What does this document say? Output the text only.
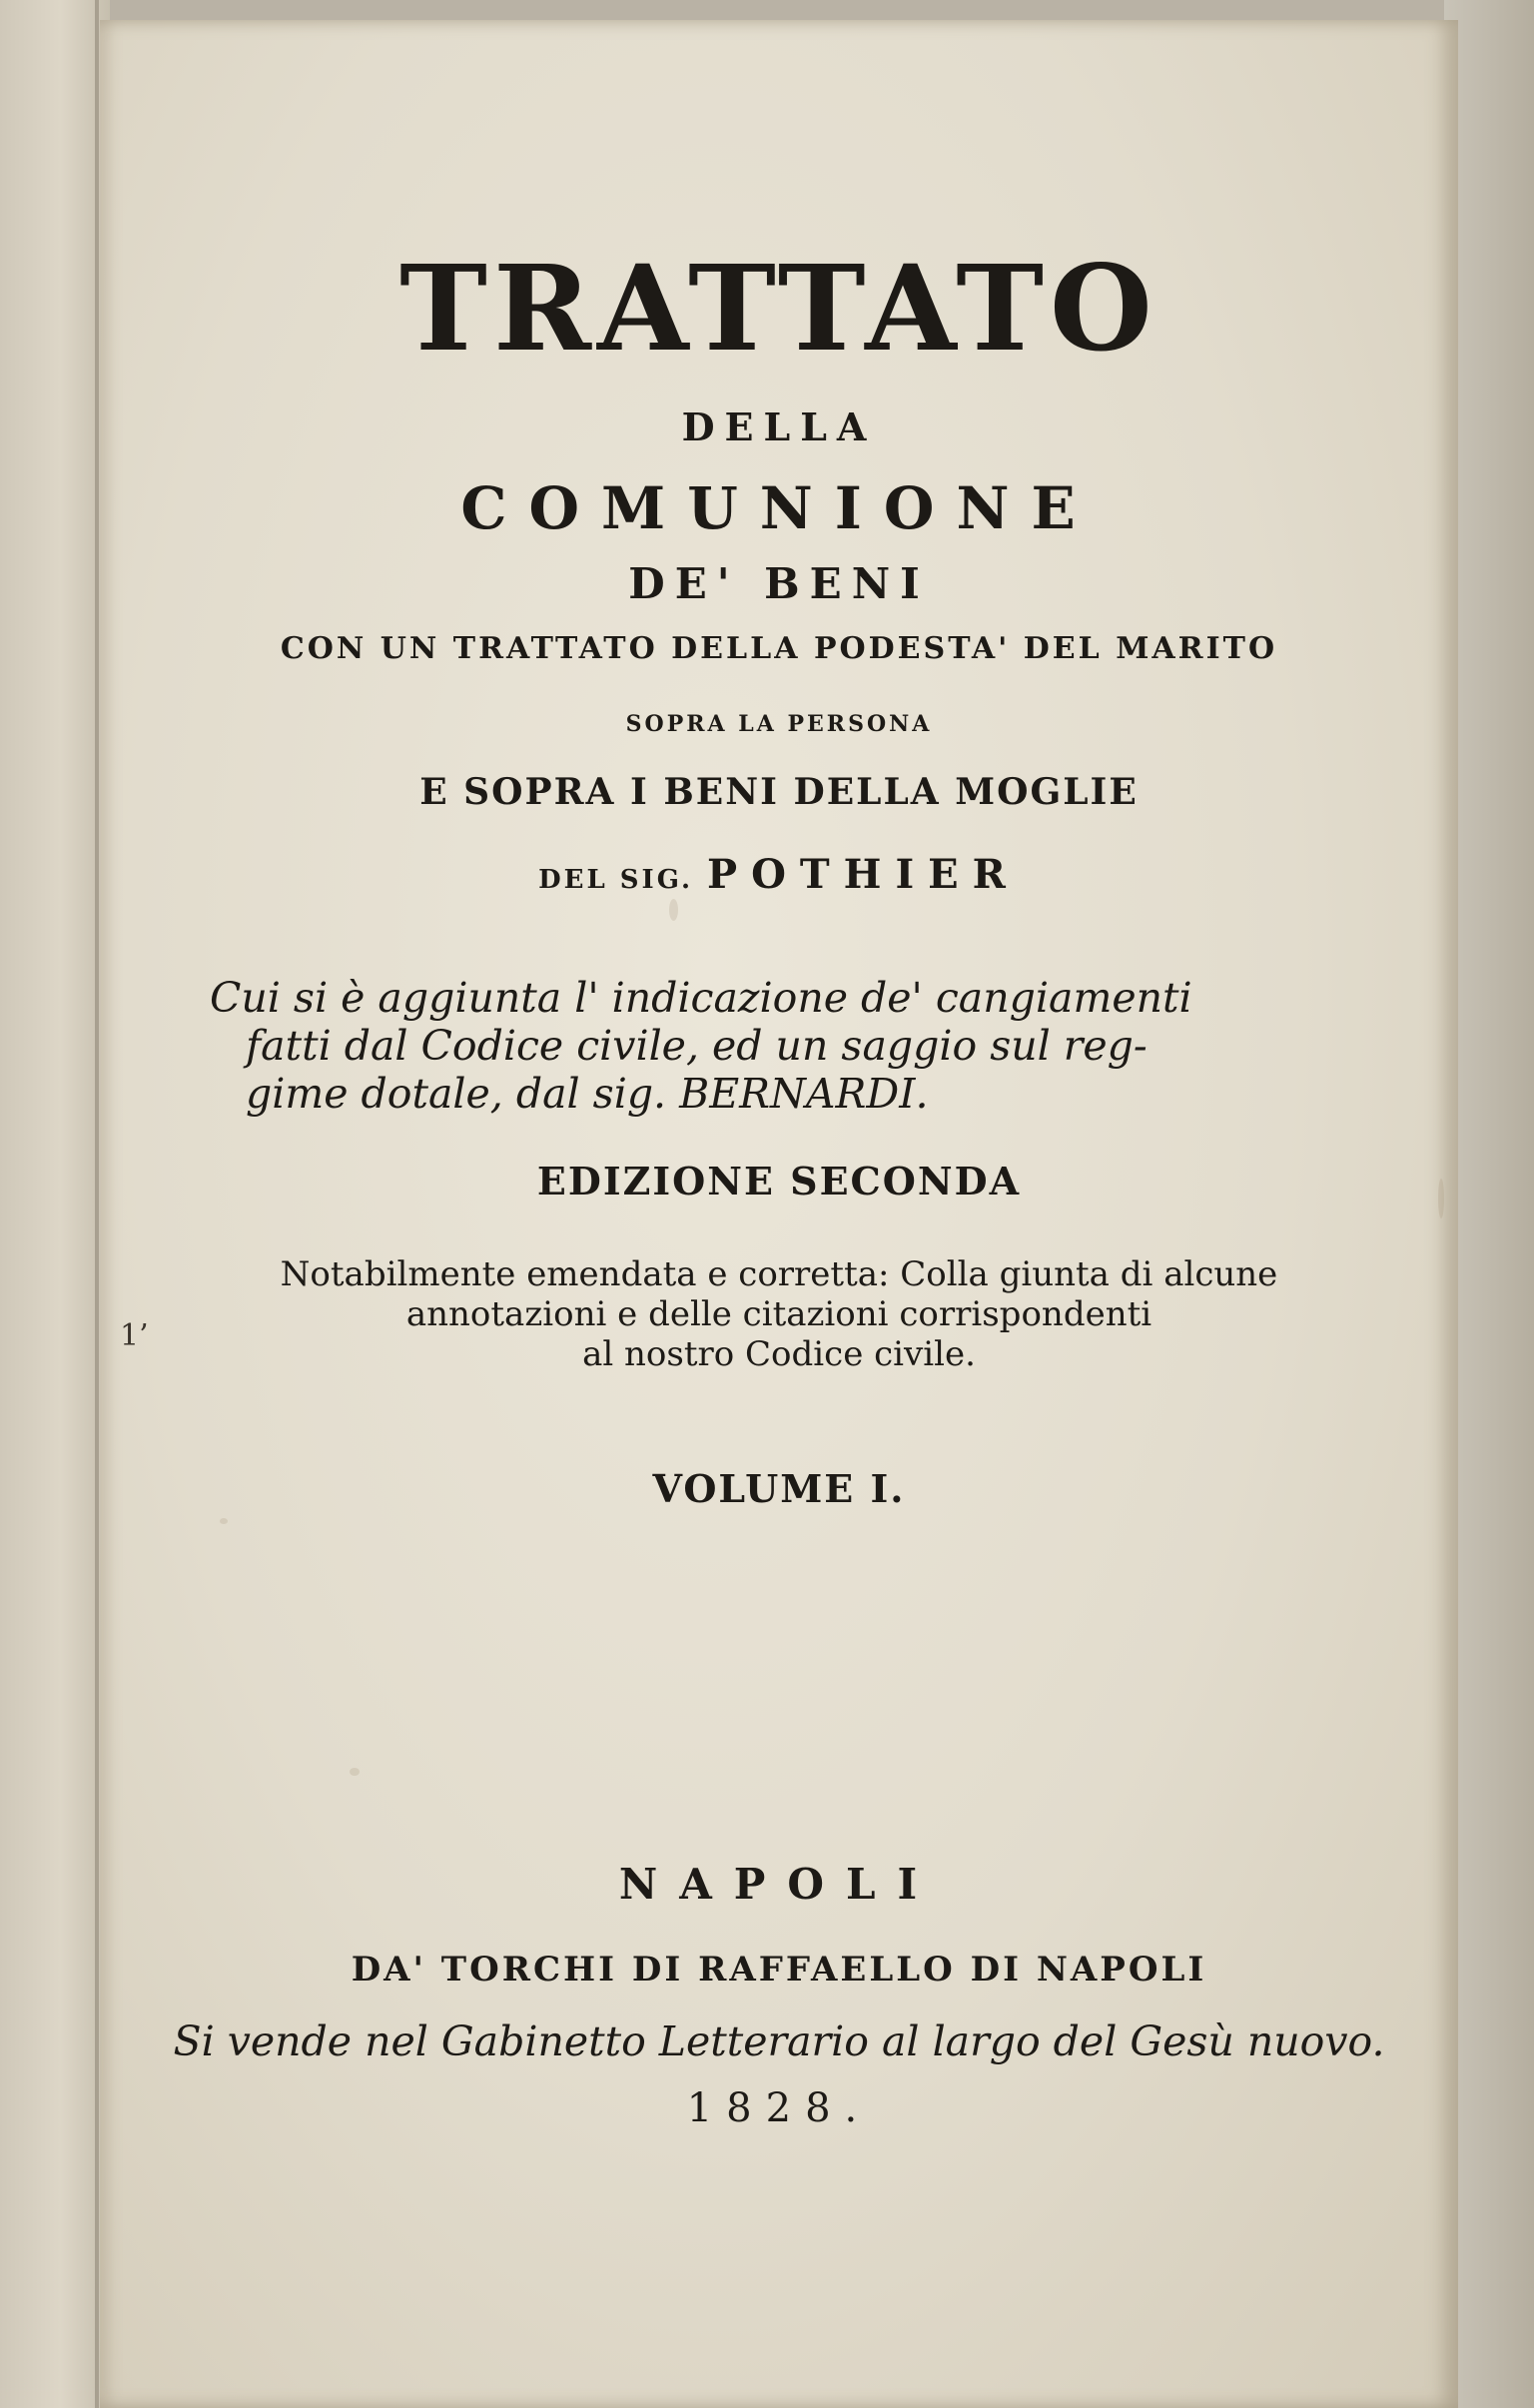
1’
TRATTATO
DELLA
COMUNIONE
DE' BENI
CON UN TRATTATO DELLA PODESTA' DEL MARITO
SOPRA LA PERSONA
E SOPRA I BENI DELLA MOGLIE
DEL SIG. POTHIER
Cui si è aggiunta l' indicazione de' cangiamenti
fatti dal Codice civile, ed un saggio sul reg-
gime dotale, dal sig. BERNARDI.
EDIZIONE SECONDA
Notabilmente emendata e corretta: Colla giunta di alcune
annotazioni e delle citazioni corrispondenti
al nostro Codice civile.
VOLUME I.
NAPOLI
DA' TORCHI DI RAFFAELLO DI NAPOLI
Si vende nel Gabinetto Letterario al largo del Gesù nuovo.
1828.
